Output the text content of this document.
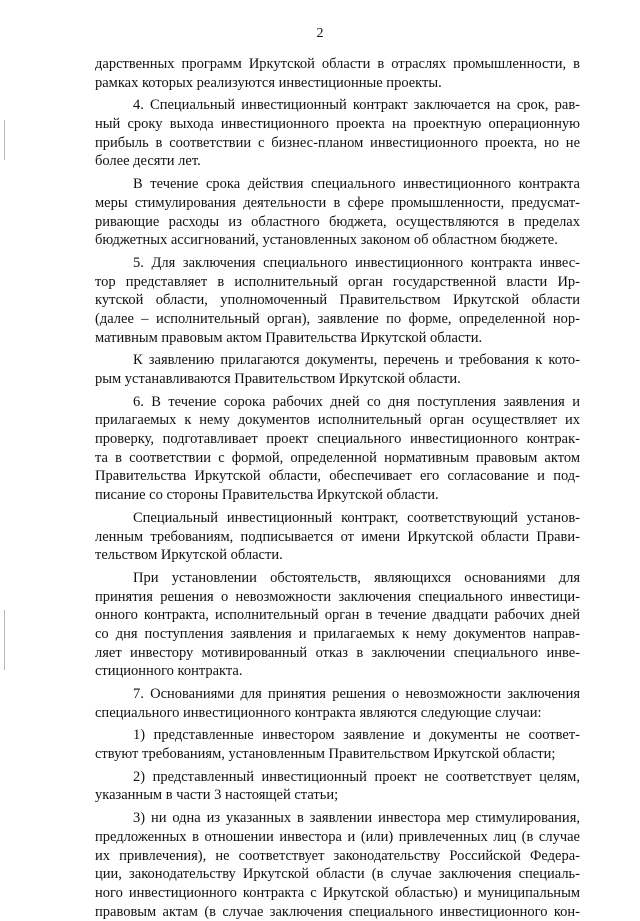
2
дарственных программ Иркутской области в отраслях промышленности, в
рамках которых реализуются инвестиционные проекты.
4. Специальный инвестиционный контракт заключается на срок, рав-
ный сроку выхода инвестиционного проекта на проектную операционную
прибыль в соответствии с бизнес-планом инвестиционного проекта, но не
более десяти лет.
В течение срока действия специального инвестиционного контракта
меры стимулирования деятельности в сфере промышленности, предусмат-
ривающие расходы из областного бюджета, осуществляются в пределах
бюджетных ассигнований, установленных законом об областном бюджете.
5. Для заключения специального инвестиционного контракта инвес-
тор представляет в исполнительный орган государственной власти Ир-
кутской области, уполномоченный Правительством Иркутской области
(далее – исполнительный орган), заявление по форме, определенной нор-
мативным правовым актом Правительства Иркутской области.
К заявлению прилагаются документы, перечень и требования к кото-
рым устанавливаются Правительством Иркутской области.
6. В течение сорока рабочих дней со дня поступления заявления и
прилагаемых к нему документов исполнительный орган осуществляет их
проверку, подготавливает проект специального инвестиционного контрак-
та в соответствии с формой, определенной нормативным правовым актом
Правительства Иркутской области, обеспечивает его согласование и под-
писание со стороны Правительства Иркутской области.
Специальный инвестиционный контракт, соответствующий установ-
ленным требованиям, подписывается от имени Иркутской области Прави-
тельством Иркутской области.
При установлении обстоятельств, являющихся основаниями для
принятия решения о невозможности заключения специального инвестици-
онного контракта, исполнительный орган в течение двадцати рабочих дней
со дня поступления заявления и прилагаемых к нему документов направ-
ляет инвестору мотивированный отказ в заключении специального инве-
стиционного контракта.
7. Основаниями для принятия решения о невозможности заключения
специального инвестиционного контракта являются следующие случаи:
1) представленные инвестором заявление и документы не соответ-
ствуют требованиям, установленным Правительством Иркутской области;
2) представленный инвестиционный проект не соответствует целям,
указанным в части 3 настоящей статьи;
3) ни одна из указанных в заявлении инвестора мер стимулирования,
предложенных в отношении инвестора и (или) привлеченных лиц (в случае
их привлечения), не соответствует законодательству Российской Федера-
ции, законодательству Иркутской области (в случае заключения специаль-
ного инвестиционного контракта с Иркутской областью) и муниципальным
правовым актам (в случае заключения специального инвестиционного кон-
